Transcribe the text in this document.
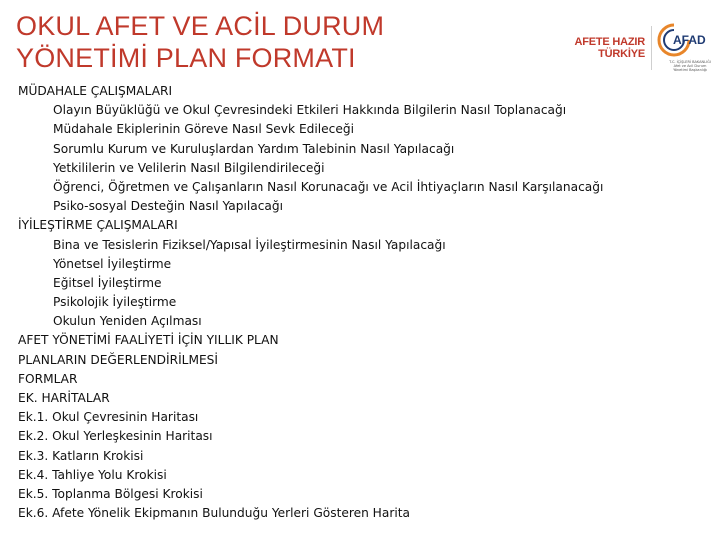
OKUL AFET VE ACİL DURUM
YÖNETİMİ PLAN FORMATI
AFETE HAZIR
TÜRKİYE
AFAD
T.C. İÇİŞLERİ BAKANLIĞI Afet ve Acil Durum Yönetimi Başkanlığı
MÜDAHALE ÇALIŞMALARI
Olayın Büyüklüğü ve Okul Çevresindeki Etkileri Hakkında Bilgilerin Nasıl Toplanacağı
Müdahale Ekiplerinin Göreve Nasıl Sevk Edileceği
Sorumlu Kurum ve Kuruluşlardan Yardım Talebinin Nasıl Yapılacağı
Yetkililerin ve Velilerin Nasıl Bilgilendirileceği
Öğrenci, Öğretmen ve Çalışanların Nasıl Korunacağı ve Acil İhtiyaçların Nasıl Karşılanacağı
Psiko-sosyal Desteğin Nasıl Yapılacağı
İYİLEŞTİRME ÇALIŞMALARI
Bina ve Tesislerin Fiziksel/Yapısal İyileştirmesinin Nasıl Yapılacağı
Yönetsel İyileştirme
Eğitsel İyileştirme
Psikolojik İyileştirme
Okulun Yeniden Açılması
AFET YÖNETİMİ FAALİYETİ İÇİN YILLIK PLAN
PLANLARIN DEĞERLENDİRİLMESİ
FORMLAR
EK. HARİTALAR
Ek.1. Okul Çevresinin Haritası
Ek.2. Okul Yerleşkesinin Haritası
Ek.3. Katların Krokisi
Ek.4. Tahliye Yolu Krokisi
Ek.5. Toplanma Bölgesi Krokisi
Ek.6. Afete Yönelik Ekipmanın Bulunduğu Yerleri Gösteren Harita
